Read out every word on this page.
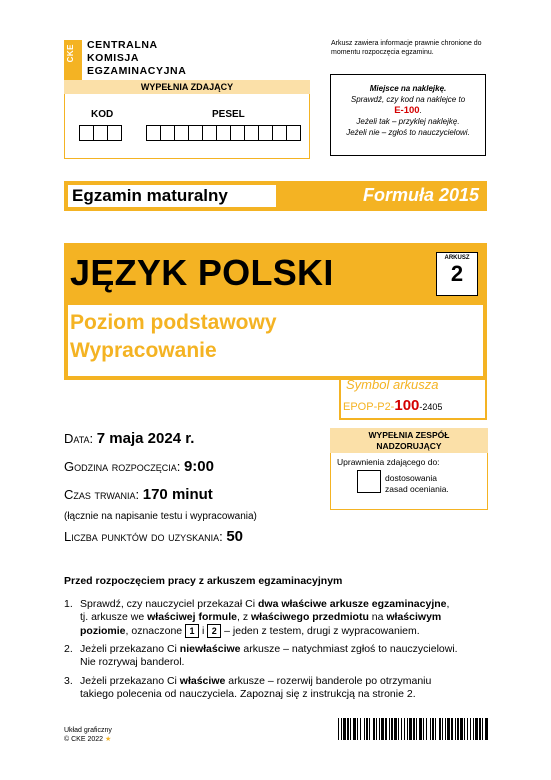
CKE CENTRALNA
KOMISJA
EGZAMINACYJNA
Arkusz zawiera informacje prawnie chronione do momentu rozpoczęcia egzaminu.
WYPEŁNIA ZDAJĄCY
KOD	PESEL
Miejsce na naklejkę.
Sprawdź, czy kod na naklejce to
E-100.
Jeżeli tak – przyklej naklejkę.
Jeżeli nie – zgłoś to nauczycielowi.
Egzamin maturalny	Formuła 2015
JĘZYK POLSKI	ARKUSZ
2
Poziom podstawowy
Wypracowanie
Symbol arkusza
EPOP-P2-100-2405
Data: 7 maja 2024 r.
Godzina rozpoczęcia: 9:00
Czas trwania: 170 minut
(łącznie na napisanie testu i wypracowania)
Liczba punktów do uzyskania: 50
WYPEŁNIA ZESPÓŁ
NADZORUJĄCY
Uprawnienia zdającego do:
dostosowania
zasad oceniania.
Przed rozpoczęciem pracy z arkuszem egzaminacyjnym
1. Sprawdź, czy nauczyciel przekazał Ci dwa właściwe arkusze egzaminacyjne,
tj. arkusze we właściwej formule, z właściwego przedmiotu na właściwym
poziomie, oznaczone 1 i 2 – jeden z testem, drugi z wypracowaniem.
2. Jeżeli przekazano Ci niewłaściwe arkusze – natychmiast zgłoś to nauczycielowi.
Nie rozrywaj banderol.
3. Jeżeli przekazano Ci właściwe arkusze – rozerwij banderole po otrzymaniu
takiego polecenia od nauczyciela. Zapoznaj się z instrukcją na stronie 2.
Układ graficzny
© CKE 2022 ★
